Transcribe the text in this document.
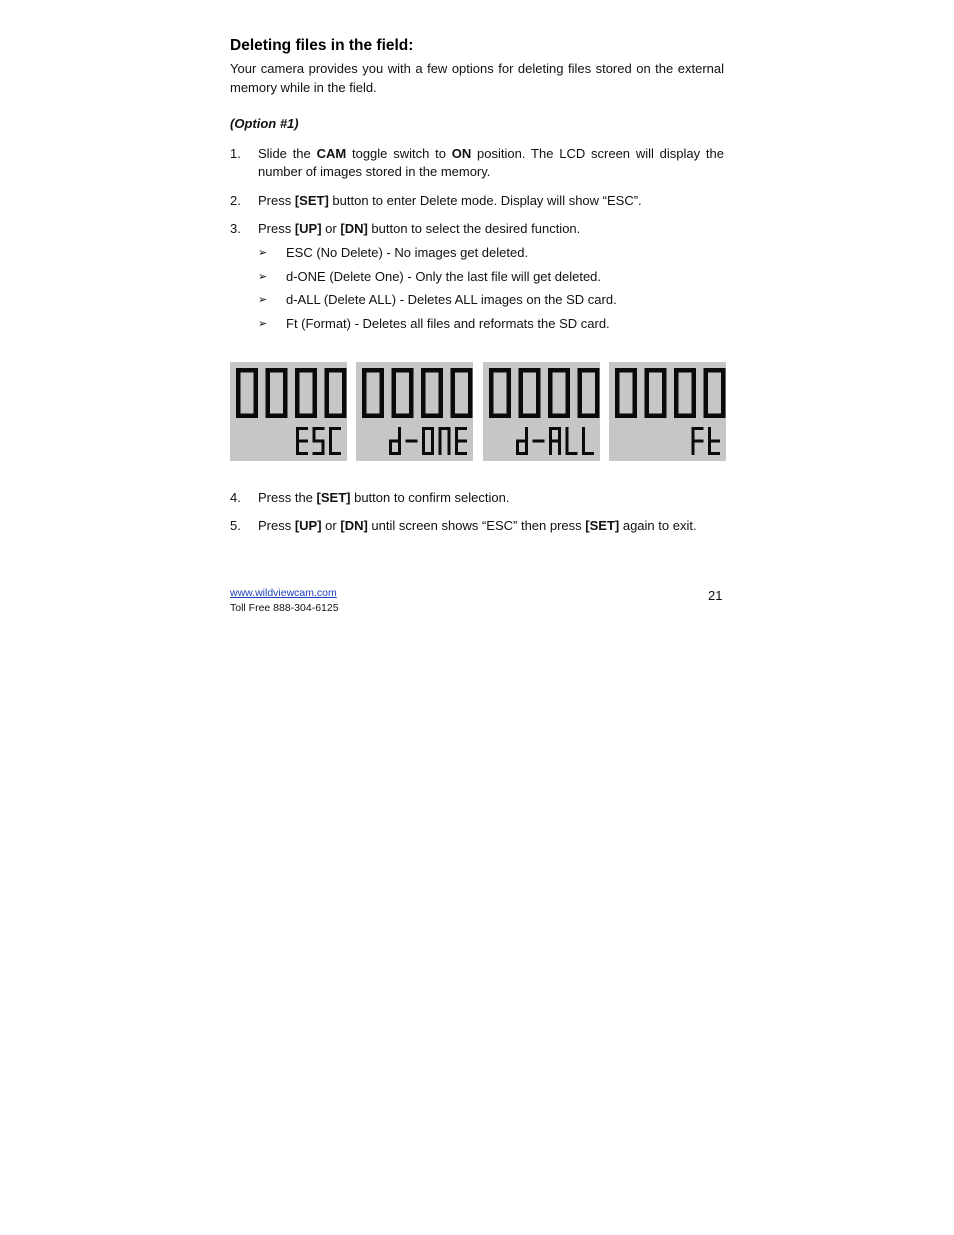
Deleting files in the field:

Your camera provides you with a few options for deleting files stored on the external memory while in the field.

(Option #1)

1. Slide the CAM toggle switch to ON position. The LCD screen will display the number of images stored in the memory.
2. Press [SET] button to enter Delete mode. Display will show “ESC”.
3. Press [UP] or [DN] button to select the desired function.
➢ ESC (No Delete) - No images get deleted.
➢ d-ONE (Delete One) - Only the last file will get deleted.
➢ d-ALL (Delete ALL) - Deletes ALL images on the SD card.
➢ Ft (Format) - Deletes all files and reformats the SD card.
4. Press the [SET] button to confirm selection.
5. Press [UP] or [DN] until screen shows “ESC” then press [SET] again to exit.
www.wildviewcam.com
Toll Free 888-304-6125
21
